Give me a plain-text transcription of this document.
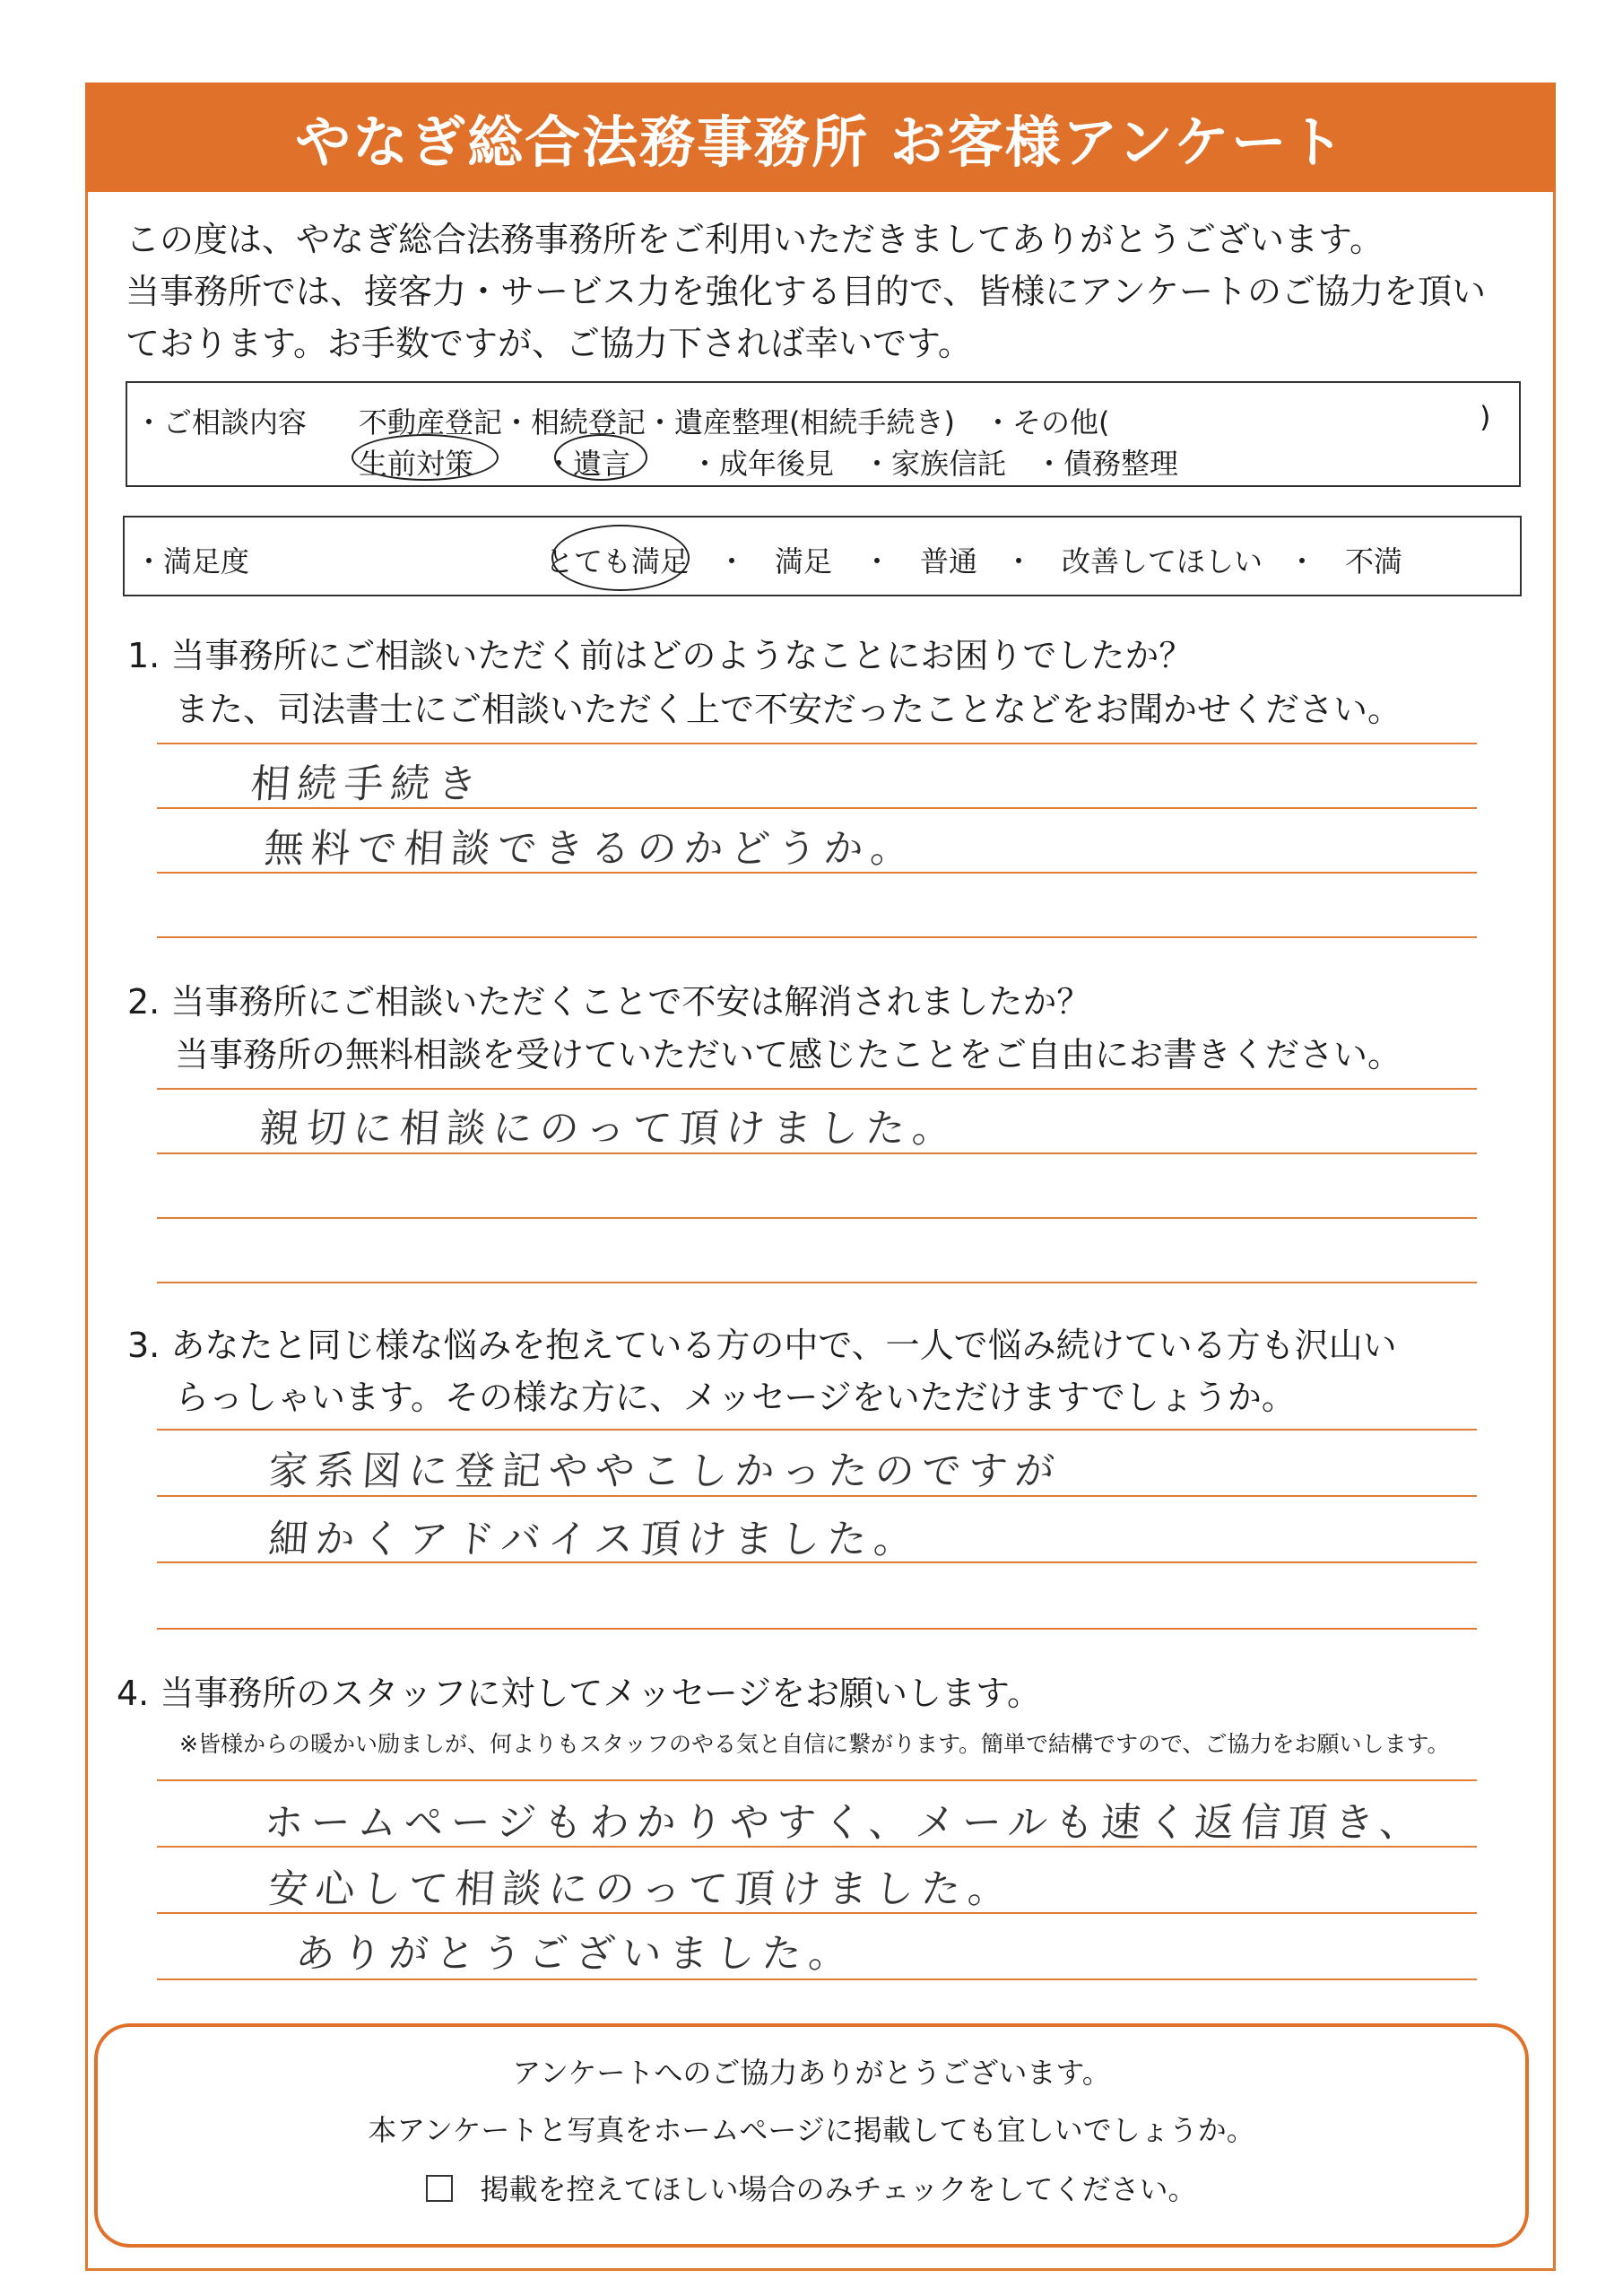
やなぎ総合法務事務所 お客様アンケート
この度は、やなぎ総合法務事務所をご利用いただきましてありがとうございます。
当事務所では、接客力・サービス力を強化する目的で、皆様にアンケートのご協力を頂い
ております。お手数ですが、ご協力下されば幸いです。
・ご相談内容 不動産登記・相続登記・遺産整理(相続手続き)　・その他(	)
生前対策 ・遺言 ・成年後見　・家族信託　・債務整理
・満足度	とても満足 ・　満足 ・　普通 ・　改善してほしい ・　不満
1. 当事務所にご相談いただく前はどのようなことにお困りでしたか？
また、司法書士にご相談いただく上で不安だったことなどをお聞かせください。
相続手続き
無料で相談できるのかどうか。
2. 当事務所にご相談いただくことで不安は解消されましたか？
当事務所の無料相談を受けていただいて感じたことをご自由にお書きください。
親切に相談にのって頂けました。
3. あなたと同じ様な悩みを抱えている方の中で、一人で悩み続けている方も沢山い
らっしゃいます。その様な方に、メッセージをいただけますでしょうか。
家系図に登記ややこしかったのですが
細かくアドバイス頂けました。
4. 当事務所のスタッフに対してメッセージをお願いします。
※皆様からの暖かい励ましが、何よりもスタッフのやる気と自信に繋がります。簡単で結構ですので、ご協力をお願いします。
ホームページもわかりやすく、メールも速く返信頂き、
安心して相談にのって頂けました。
ありがとうございました。
アンケートへのご協力ありがとうございます。
本アンケートと写真をホームページに掲載しても宜しいでしょうか。
掲載を控えてほしい場合のみチェックをしてください。
